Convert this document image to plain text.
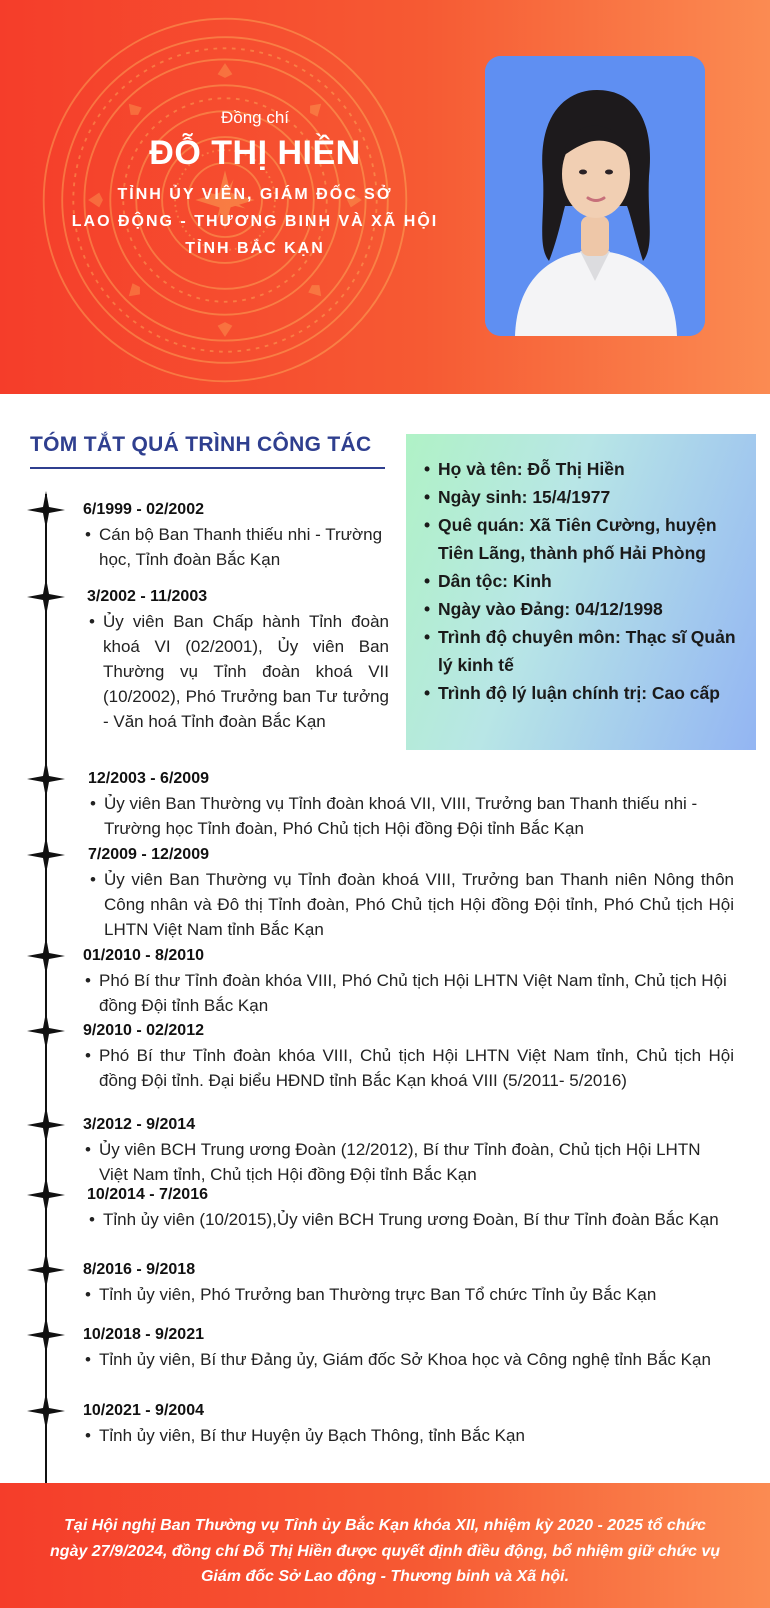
Đồng chí
ĐỖ THỊ HIỀN
TỈNH ỦY VIÊN, GIÁM ĐỐC SỞ
LAO ĐỘNG - THƯƠNG BINH VÀ XÃ HỘI
TỈNH BẮC KẠN
TÓM TẮT QUÁ TRÌNH CÔNG TÁC
• Họ và tên: Đỗ Thị Hiền
• Ngày sinh: 15/4/1977
• Quê quán: Xã Tiên Cường, huyện Tiên Lãng, thành phố Hải Phòng
• Dân tộc: Kinh
• Ngày vào Đảng: 04/12/1998
• Trình độ chuyên môn: Thạc sĩ Quản lý kinh tế
• Trình độ lý luận chính trị: Cao cấp
6/1999 - 02/2002
• Cán bộ Ban Thanh thiếu nhi - Trường học, Tỉnh đoàn Bắc Kạn
3/2002 - 11/2003
• Ủy viên Ban Chấp hành Tỉnh đoàn khoá VI (02/2001), Ủy viên Ban Thường vụ Tỉnh đoàn khoá VII (10/2002), Phó Trưởng ban Tư tưởng - Văn hoá Tỉnh đoàn Bắc Kạn
12/2003 - 6/2009
• Ủy viên Ban Thường vụ Tỉnh đoàn khoá VII, VIII, Trưởng ban Thanh thiếu nhi - Trường học Tỉnh đoàn, Phó Chủ tịch Hội đồng Đội tỉnh Bắc Kạn
7/2009 - 12/2009
• Ủy viên Ban Thường vụ Tỉnh đoàn khoá VIII, Trưởng ban Thanh niên Nông thôn Công nhân và Đô thị Tỉnh đoàn, Phó Chủ tịch Hội đồng Đội tỉnh, Phó Chủ tịch Hội LHTN Việt Nam tỉnh Bắc Kạn
01/2010 - 8/2010
• Phó Bí thư Tỉnh đoàn khóa VIII, Phó Chủ tịch Hội LHTN Việt Nam tỉnh, Chủ tịch Hội đồng Đội tỉnh Bắc Kạn
9/2010 - 02/2012
• Phó Bí thư Tỉnh đoàn khóa VIII, Chủ tịch Hội LHTN Việt Nam tỉnh, Chủ tịch Hội đồng Đội tỉnh. Đại biểu HĐND tỉnh Bắc Kạn khoá VIII (5/2011- 5/2016)
3/2012 - 9/2014
• Ủy viên BCH Trung ương Đoàn (12/2012), Bí thư Tỉnh đoàn, Chủ tịch Hội LHTN Việt Nam tỉnh, Chủ tịch Hội đồng Đội tỉnh Bắc Kạn
10/2014 - 7/2016
• Tỉnh ủy viên (10/2015),Ủy viên BCH Trung ương Đoàn, Bí thư Tỉnh đoàn Bắc Kạn
8/2016 - 9/2018
• Tỉnh ủy viên, Phó Trưởng ban Thường trực Ban Tổ chức Tỉnh ủy Bắc Kạn
10/2018 - 9/2021
• Tỉnh ủy viên, Bí thư Đảng ủy, Giám đốc Sở Khoa học và Công nghệ tỉnh Bắc Kạn
10/2021 - 9/2004
• Tỉnh ủy viên, Bí thư Huyện ủy Bạch Thông, tỉnh Bắc Kạn

Tại Hội nghị Ban Thường vụ Tỉnh ủy Bắc Kạn khóa XII, nhiệm kỳ 2020 - 2025 tổ chức ngày 27/9/2024, đồng chí Đỗ Thị Hiền được quyết định điều động, bổ nhiệm giữ chức vụ Giám đốc Sở Lao động - Thương binh và Xã hội.
